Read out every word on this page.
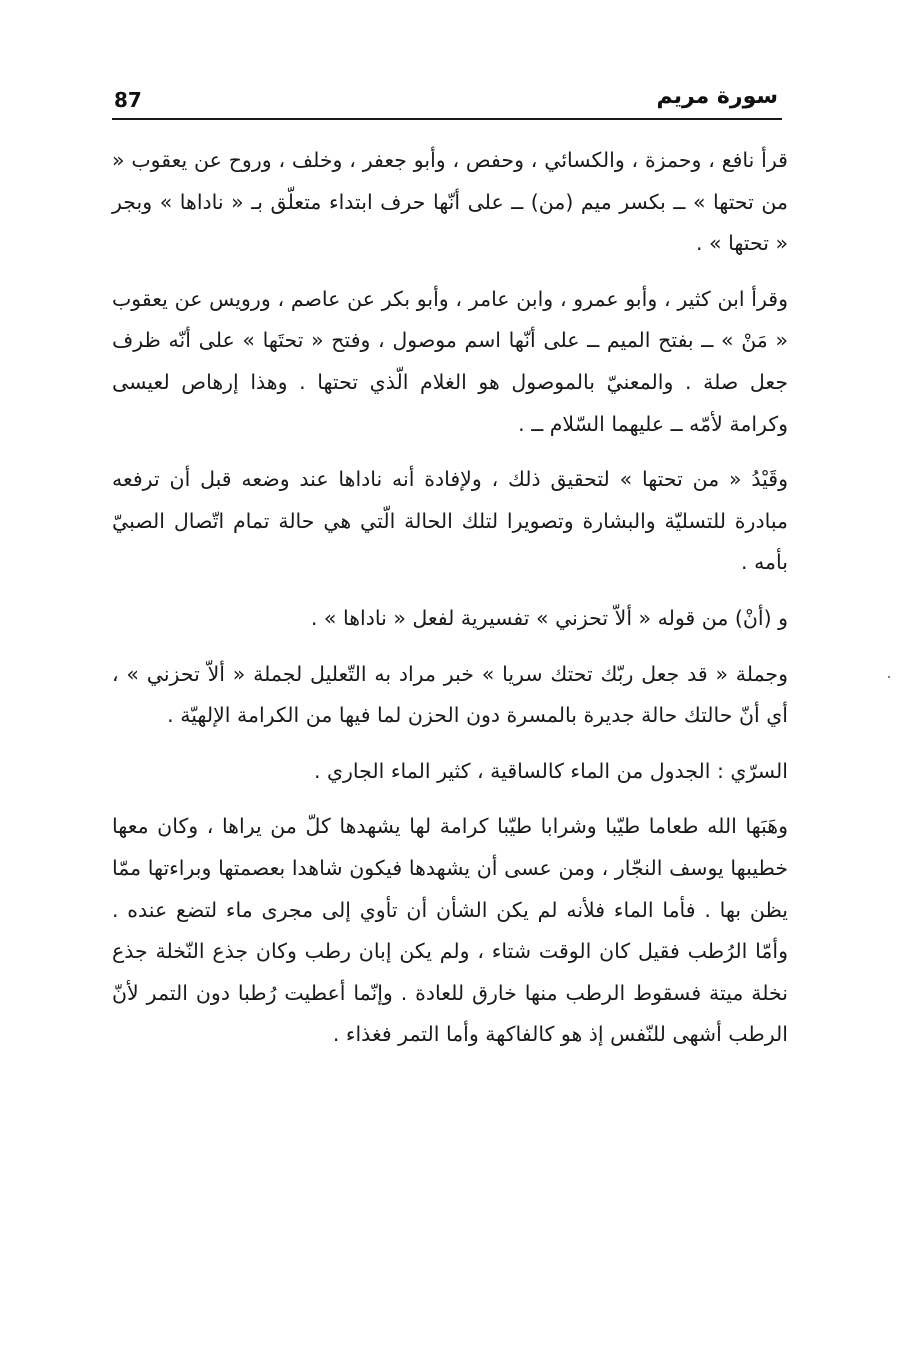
87	سورة مريم

قرأ نافع ، وحمزة ، والكسائي ، وحفص ، وأبو جعفر ، وخلف ، وروح عن يعقوب « من تحتها » ــ بكسر ميم (من) ــ على أنّها حرف ابتداء متعلّق بـ « ناداها » وبجر « تحتها » .

وقرأ ابن كثير ، وأبو عمرو ، وابن عامر ، وأبو بكر عن عاصم ، ورويس عن يعقوب « مَنْ » ــ بفتح الميم ــ على أنّها اسم موصول ، وفتح « تحتَها » على أنّه ظرف جعل صلة . والمعنيّ بالموصول هو الغلام الّذي تحتها . وهذا إرهاص لعيسى وكرامة لأمّه ــ عليهما السّلام ــ .

وقَيْدُ « من تحتها » لتحقيق ذلك ، ولإفادة أنه ناداها عند وضعه قبل أن ترفعه مبادرة للتسليّة والبشارة وتصويرا لتلك الحالة الّتي هي حالة تمام اتّصال الصبيّ بأمه .

و (أنْ) من قوله « ألاّ تحزني » تفسيرية لفعل « ناداها » .

وجملة « قد جعل ربّك تحتك سريا » خبر مراد به التّعليل لجملة « ألاّ تحزني » ، أي أنّ حالتك حالة جديرة بالمسرة دون الحزن لما فيها من الكرامة الإلهيّة .

السرّي : الجدول من الماء كالساقية ، كثير الماء الجاري .

وهَبَها الله طعاما طيّبا وشرابا طيّبا كرامة لها يشهدها كلّ من يراها ، وكان معها خطيبها يوسف النجّار ، ومن عسى أن يشهدها فيكون شاهدا بعصمتها وبراءتها ممّا يظن بها . فأما الماء فلأنه لم يكن الشأن أن تأوي إلى مجرى ماء لتضع عنده . وأمّا الرُطب فقيل كان الوقت شتاء ، ولم يكن إبان رطب وكان جذع النّخلة جذع نخلة ميتة فسقوط الرطب منها خارق للعادة . وإنّما أعطيت رُطبا دون التمر لأنّ الرطب أشهى للنّفس إذ هو كالفاكهة وأما التمر فغذاء .
